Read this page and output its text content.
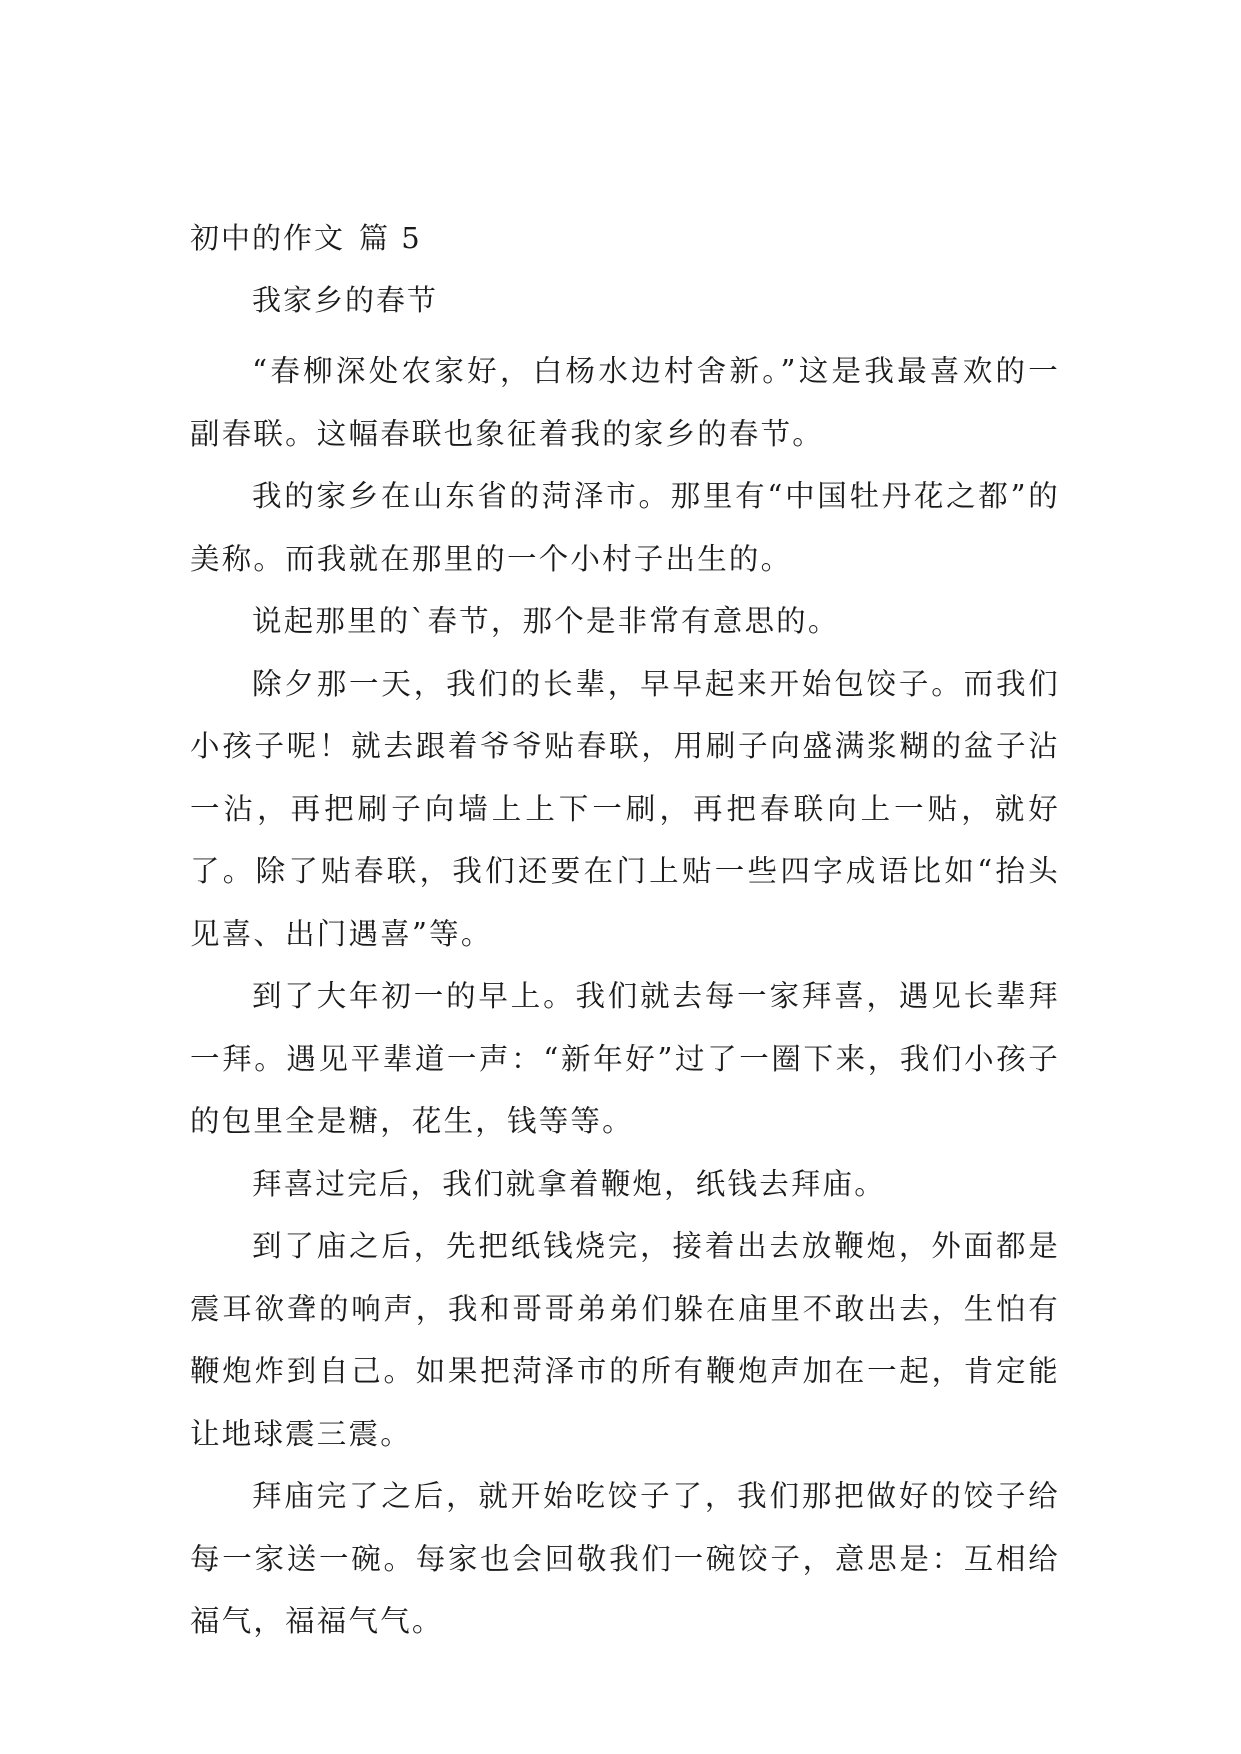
初中的作文 篇 5
我家乡的春节

“春柳深处农家好，白杨水边村舍新。”这是我最喜欢的一副春联。这幅春联也象征着我的家乡的春节。

我的家乡在山东省的菏泽市。那里有“中国牡丹花之都”的美称。而我就在那里的一个小村子出生的。

说起那里的`春节，那个是非常有意思的。

除夕那一天，我们的长辈，早早起来开始包饺子。而我们小孩子呢！就去跟着爷爷贴春联，用刷子向盛满浆糊的盆子沾一沾，再把刷子向墙上上下一刷，再把春联向上一贴，就好了。除了贴春联，我们还要在门上贴一些四字成语比如“抬头见喜、出门遇喜”等。

到了大年初一的早上。我们就去每一家拜喜，遇见长辈拜一拜。遇见平辈道一声：“新年好”过了一圈下来，我们小孩子的包里全是糖，花生，钱等等。

拜喜过完后，我们就拿着鞭炮，纸钱去拜庙。

到了庙之后，先把纸钱烧完，接着出去放鞭炮，外面都是震耳欲聋的响声，我和哥哥弟弟们躲在庙里不敢出去，生怕有鞭炮炸到自己。如果把菏泽市的所有鞭炮声加在一起，肯定能让地球震三震。

拜庙完了之后，就开始吃饺子了，我们那把做好的饺子给每一家送一碗。每家也会回敬我们一碗饺子，意思是：互相给福气，福福气气。
